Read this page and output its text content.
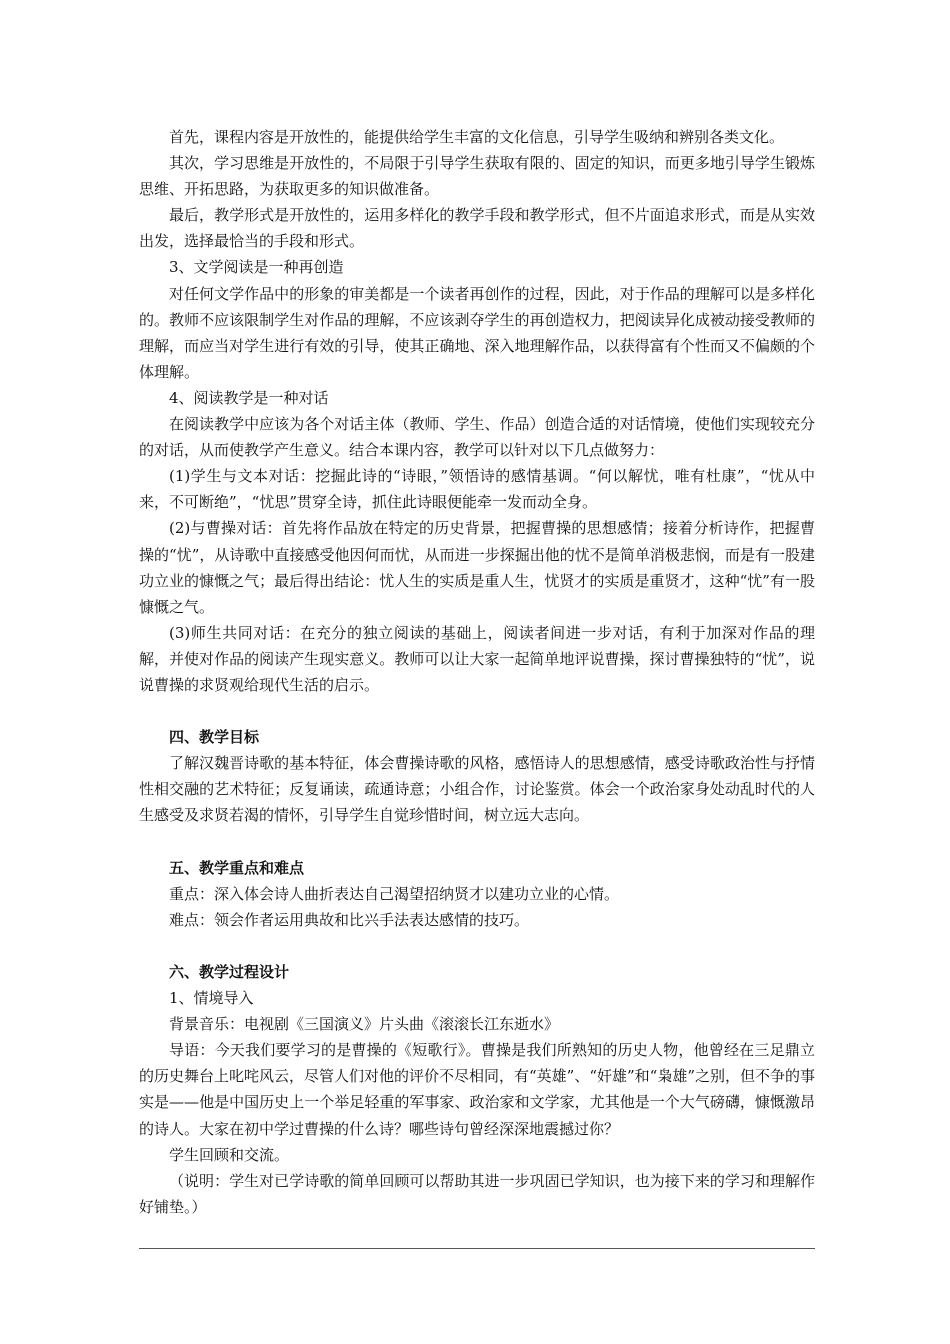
首先，课程内容是开放性的，能提供给学生丰富的文化信息，引导学生吸纳和辨别各类文化。

其次，学习思维是开放性的，不局限于引导学生获取有限的、固定的知识，而更多地引导学生锻炼思维、开拓思路，为获取更多的知识做准备。

最后，教学形式是开放性的，运用多样化的教学手段和教学形式，但不片面追求形式，而是从实效出发，选择最恰当的手段和形式。

3、文学阅读是一种再创造

对任何文学作品中的形象的审美都是一个读者再创作的过程，因此，对于作品的理解可以是多样化的。教师不应该限制学生对作品的理解，不应该剥夺学生的再创造权力，把阅读异化成被动接受教师的理解，而应当对学生进行有效的引导，使其正确地、深入地理解作品，以获得富有个性而又不偏颇的个体理解。

4、阅读教学是一种对话

在阅读教学中应该为各个对话主体（教师、学生、作品）创造合适的对话情境，使他们实现较充分的对话，从而使教学产生意义。结合本课内容，教学可以针对以下几点做努力：

(1)学生与文本对话：挖掘此诗的“诗眼，”领悟诗的感情基调。“何以解忧，唯有杜康”，“忧从中来，不可断绝”，“忧思”贯穿全诗，抓住此诗眼便能牵一发而动全身。

(2)与曹操对话：首先将作品放在特定的历史背景，把握曹操的思想感情；接着分析诗作，把握曹操的“忧”，从诗歌中直接感受他因何而忧，从而进一步探掘出他的忧不是简单消极悲悯，而是有一股建功立业的慷慨之气；最后得出结论：忧人生的实质是重人生，忧贤才的实质是重贤才，这种“忧”有一股慷慨之气。

(3)师生共同对话：在充分的独立阅读的基础上，阅读者间进一步对话，有利于加深对作品的理解，并使对作品的阅读产生现实意义。教师可以让大家一起简单地评说曹操，探讨曹操独特的“忧”，说说曹操的求贤观给现代生活的启示。

四、教学目标

了解汉魏晋诗歌的基本特征，体会曹操诗歌的风格，感悟诗人的思想感情，感受诗歌政治性与抒情性相交融的艺术特征；反复诵读，疏通诗意；小组合作，讨论鉴赏。体会一个政治家身处动乱时代的人生感受及求贤若渴的情怀，引导学生自觉珍惜时间，树立远大志向。

五、教学重点和难点

重点：深入体会诗人曲折表达自己渴望招纳贤才以建功立业的心情。

难点：领会作者运用典故和比兴手法表达感情的技巧。

六、教学过程设计

1、情境导入

背景音乐：电视剧《三国演义》片头曲《滚滚长江东逝水》

导语：今天我们要学习的是曹操的《短歌行》。曹操是我们所熟知的历史人物，他曾经在三足鼎立的历史舞台上叱咤风云，尽管人们对他的评价不尽相同，有“英雄”、“奸雄”和“枭雄”之别，但不争的事实是——他是中国历史上一个举足轻重的军事家、政治家和文学家，尤其他是一个大气磅礴，慷慨激昂的诗人。大家在初中学过曹操的什么诗？哪些诗句曾经深深地震撼过你？

学生回顾和交流。

（说明：学生对已学诗歌的简单回顾可以帮助其进一步巩固已学知识，也为接下来的学习和理解作好铺垫。）
